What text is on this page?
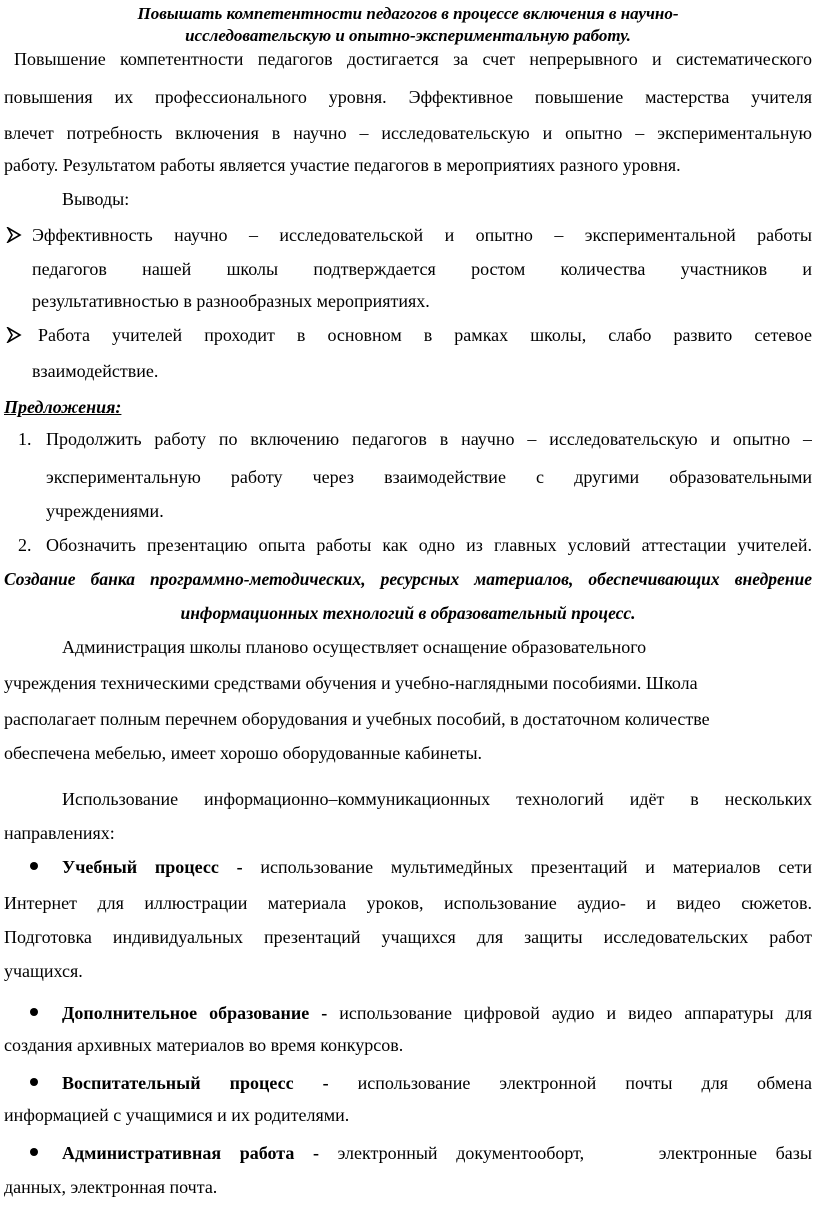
Повышать компетентности педагогов в процессе включения в научно-
исследовательскую и опытно-экспериментальную работу.
Повышение компетентности педагогов достигается за счет непрерывного и систематического
повышения их профессионального уровня. Эффективное повышение мастерства учителя
влечет потребность включения в научно – исследовательскую и опытно – экспериментальную
работу. Результатом работы является участие педагогов в мероприятиях разного уровня.
Выводы:
Эффективность научно – исследовательской и опытно – экспериментальной работы
педагогов нашей школы подтверждается ростом количества участников и
результативностью в разнообразных мероприятиях.
Работа учителей проходит в основном в рамках школы, слабо развито сетевое
взаимодействие.
Предложения:
1. Продолжить работу по включению педагогов в научно – исследовательскую и опытно –
экспериментальную работу через взаимодействие с другими образовательными
учреждениями.
2. Обозначить презентацию опыта работы как одно из главных условий аттестации учителей.
Создание банка программно-методических, ресурсных материалов, обеспечивающих внедрение
информационных технологий в образовательный процесс.
Администрация школы планово осуществляет оснащение образовательного
учреждения техническими средствами обучения и учебно-наглядными пособиями. Школа
располагает полным перечнем оборудования и учебных пособий, в достаточном количестве
обеспечена мебелью, имеет хорошо оборудованные кабинеты.
Использование информационно–коммуникационных технологий идёт в нескольких
направлениях:
Учебный процесс - использование мультимедйных презентаций и материалов сети
Интернет для иллюстрации материала уроков, использование аудио- и видео сюжетов.
Подготовка индивидуальных презентаций учащихся для защиты исследовательских работ
учащихся.
Дополнительное образование - использование цифровой аудио и видео аппаратуры для
создания архивных материалов во время конкурсов.
Воспитательный процесс - использование электронной почты для обмена
информацией с учащимися и их родителями.
Административная работа - электронный документооборт,    электронные базы
данных, электронная почта.
